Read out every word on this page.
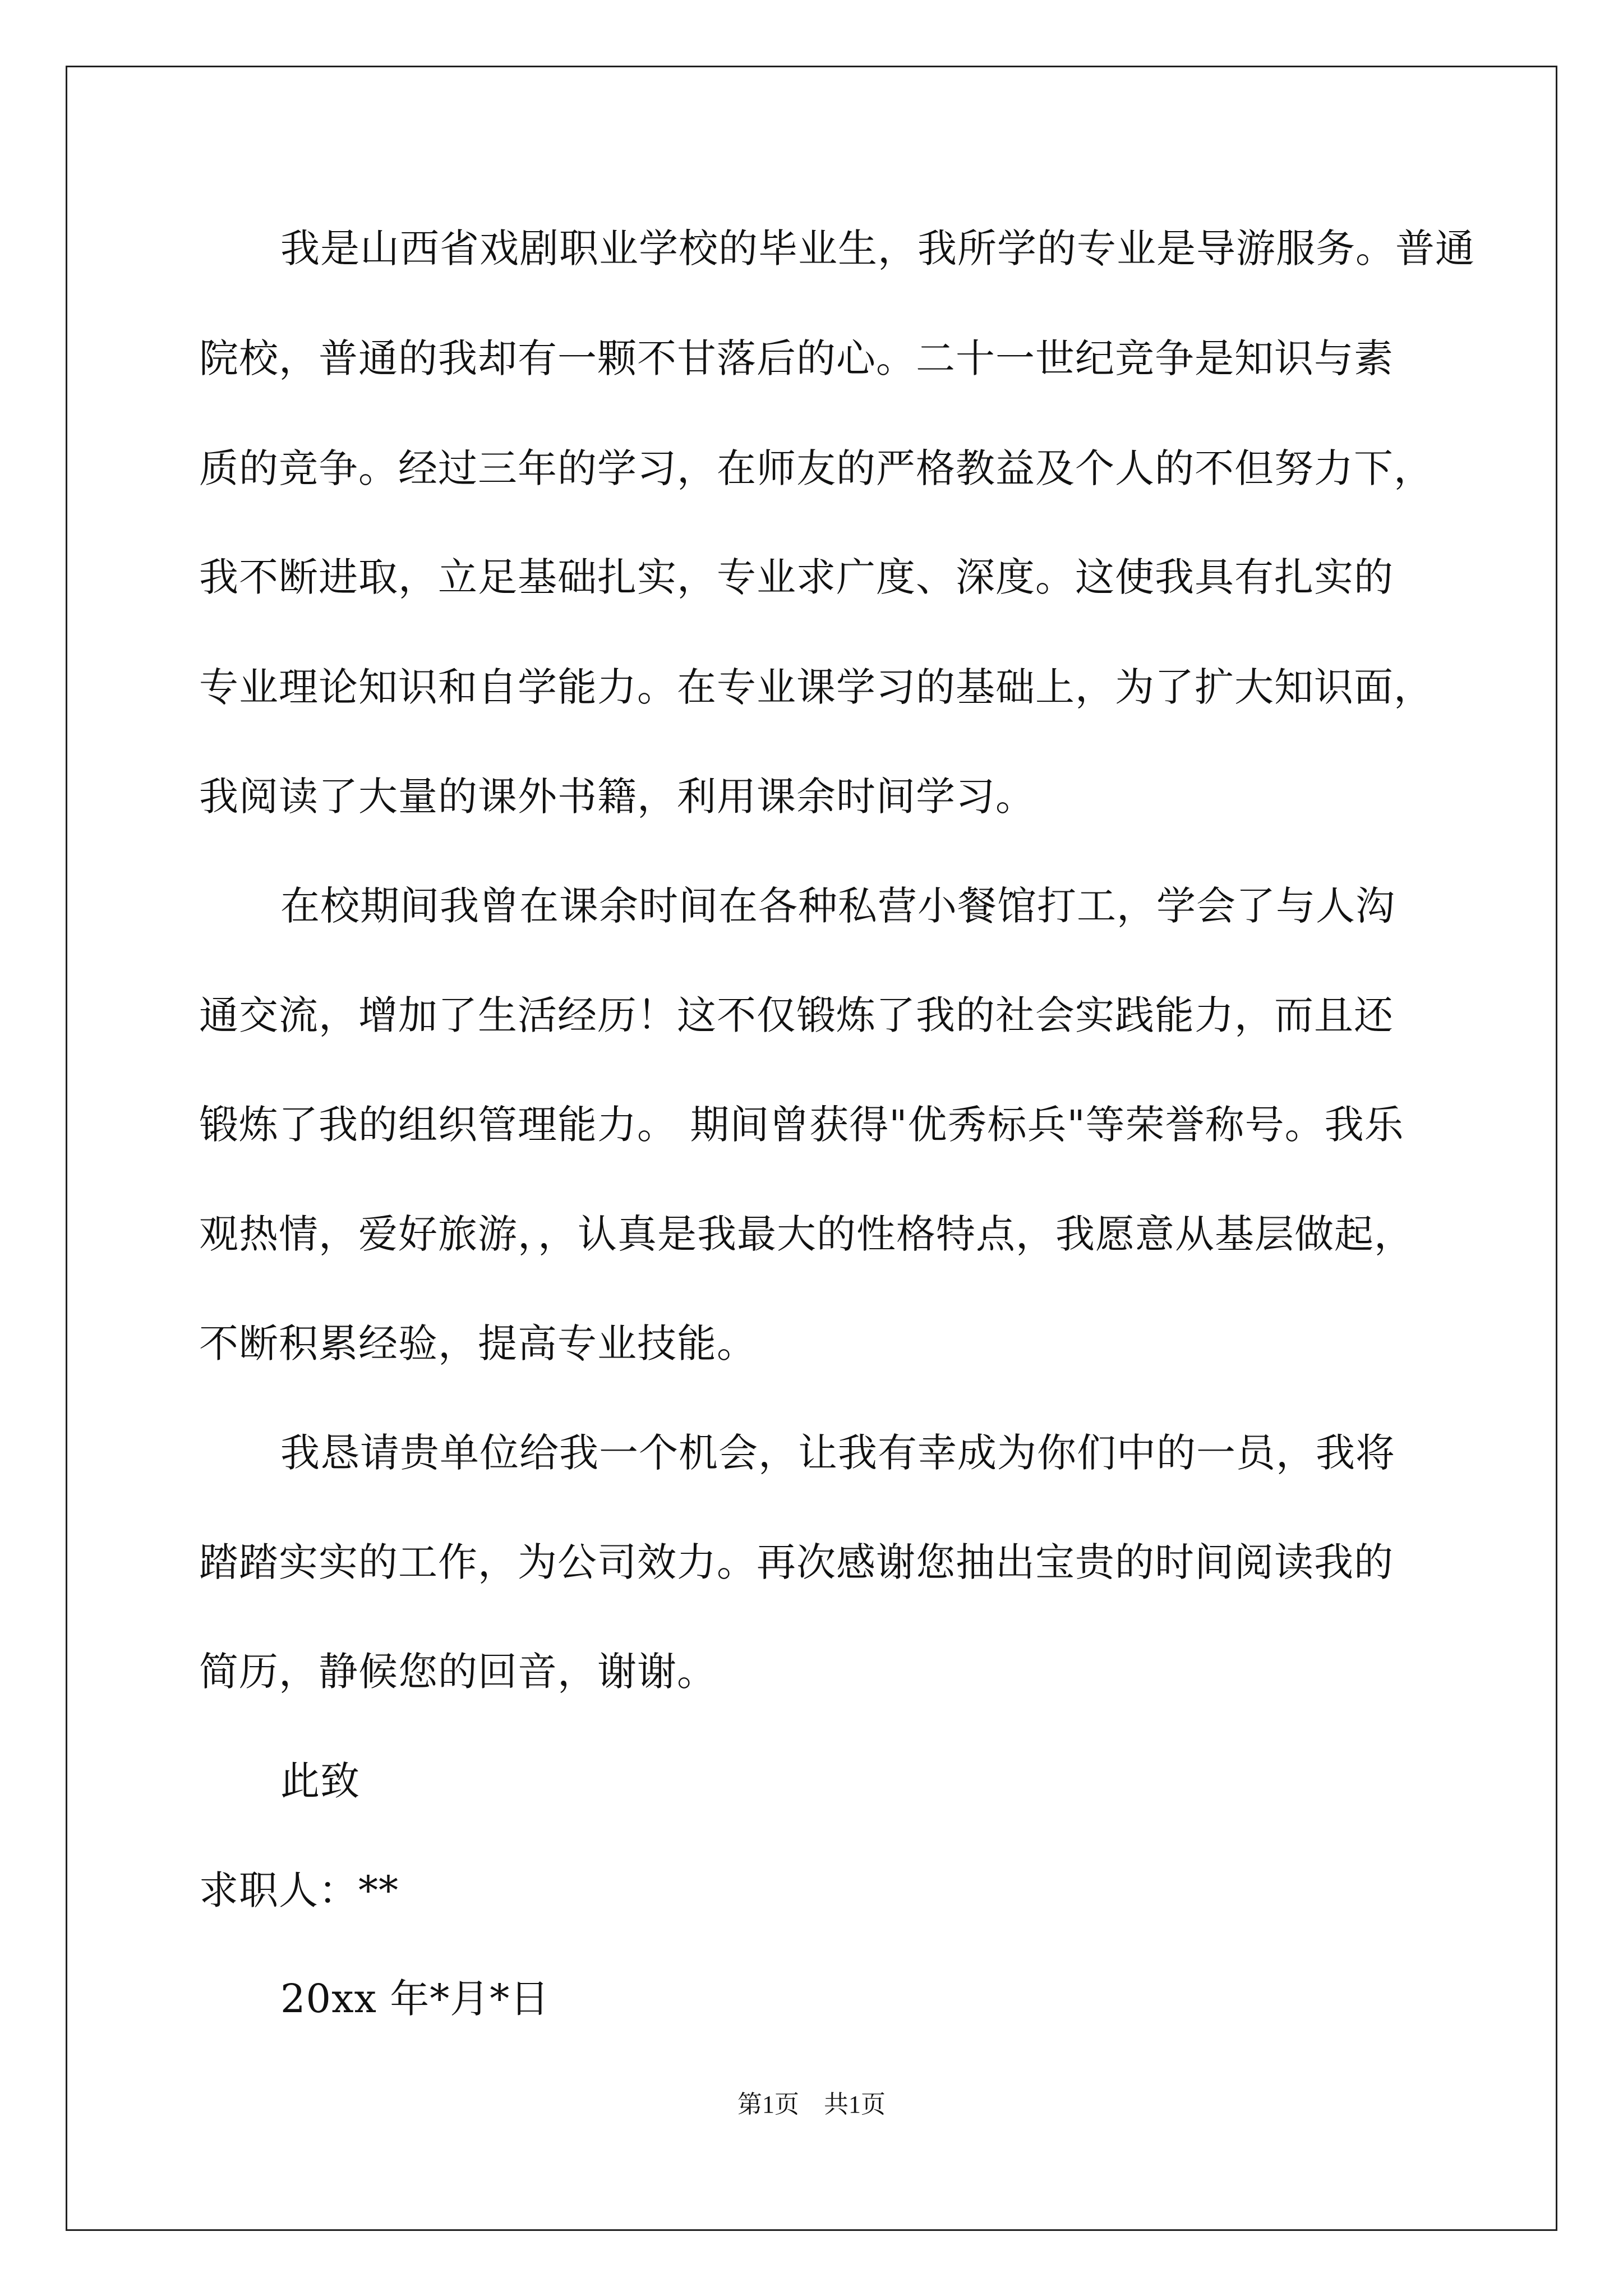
我是山西省戏剧职业学校的毕业生，我所学的专业是导游服务。普通
院校，普通的我却有一颗不甘落后的心。二十一世纪竞争是知识与素
质的竞争。经过三年的学习，在师友的严格教益及个人的不但努力下，
我不断进取，立足基础扎实，专业求广度、深度。这使我具有扎实的
专业理论知识和自学能力。在专业课学习的基础上，为了扩大知识面，
我阅读了大量的课外书籍，利用课余时间学习。
在校期间我曾在课余时间在各种私营小餐馆打工，学会了与人沟
通交流，增加了生活经历！这不仅锻炼了我的社会实践能力，而且还
锻炼了我的组织管理能力。 期间曾获得"优秀标兵"等荣誉称号。我乐
观热情，爱好旅游，，认真是我最大的性格特点，我愿意从基层做起，
不断积累经验，提高专业技能。
我恳请贵单位给我一个机会，让我有幸成为你们中的一员，我将
踏踏实实的工作，为公司效力。再次感谢您抽出宝贵的时间阅读我的
简历，静候您的回音，谢谢。
此致
求职人：**
20xx 年*月*日
第1页　共1页
